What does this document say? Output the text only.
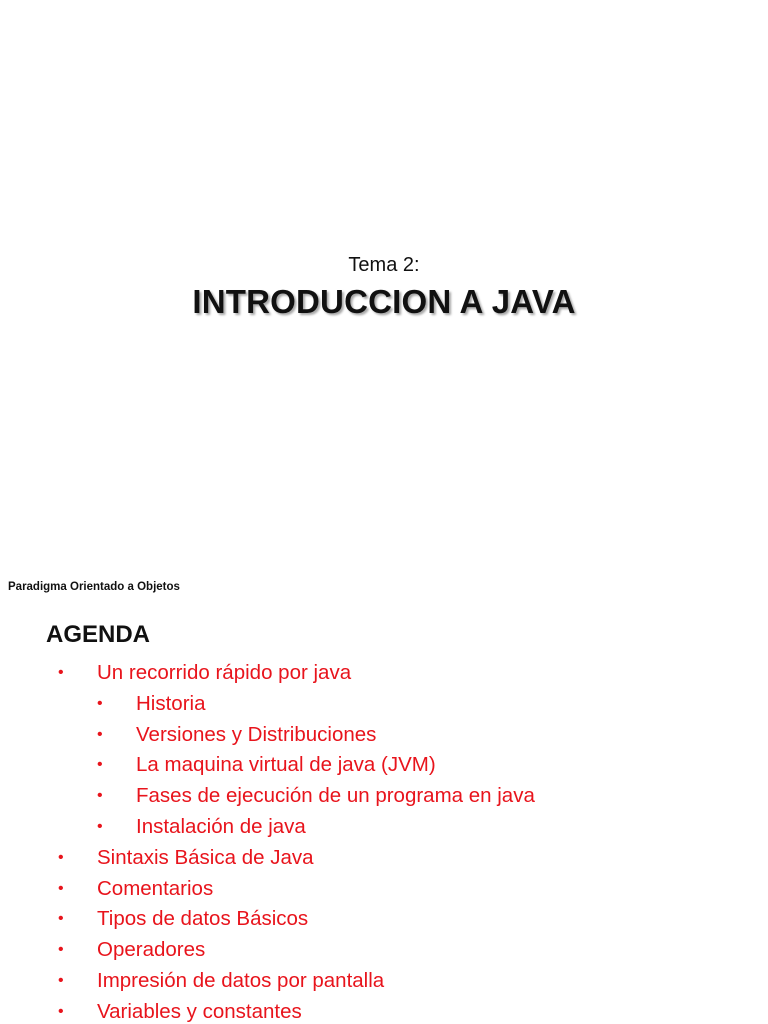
Tema 2:

INTRODUCCION A JAVA

Paradigma Orientado a Objetos
AGENDA
• Un recorrido rápido por java
• Historia
• Versiones y Distribuciones
• La maquina virtual de java (JVM)
• Fases de ejecución de un programa en java
• Instalación de java
• Sintaxis Básica de Java
• Comentarios
• Tipos de datos Básicos
• Operadores
• Impresión de datos por pantalla
• Variables y constantes
